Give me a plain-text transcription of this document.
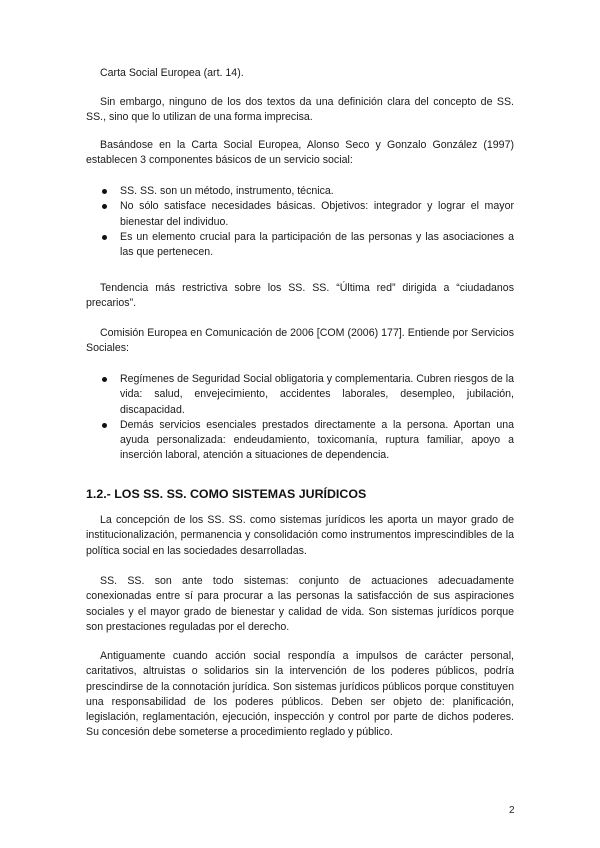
Carta Social Europea (art. 14).

Sin embargo, ninguno de los dos textos da una definición clara del concepto de SS. SS., sino que lo utilizan de una forma imprecisa.

Basándose en la Carta Social Europea, Alonso Seco y Gonzalo González (1997) establecen 3 componentes básicos de un servicio social:

SS. SS. son un método, instrumento, técnica.
No sólo satisface necesidades básicas. Objetivos: integrador y lograr el mayor bienestar del individuo.
Es un elemento crucial para la participación de las personas y las asociaciones a las que pertenecen.

Tendencia más restrictiva sobre los SS. SS. “Última red” dirigida a “ciudadanos precarios”.

Comisión Europea en Comunicación de 2006 [COM (2006) 177]. Entiende por Servicios Sociales:

Regímenes de Seguridad Social obligatoria y complementaria. Cubren riesgos de la vida: salud, envejecimiento, accidentes laborales, desempleo, jubilación, discapacidad.
Demás servicios esenciales prestados directamente a la persona. Aportan una ayuda personalizada: endeudamiento, toxicomanía, ruptura familiar, apoyo a inserción laboral, atención a situaciones de dependencia.
1.2.- LOS SS. SS. COMO SISTEMAS JURÍDICOS

La concepción de los SS. SS. como sistemas jurídicos les aporta un mayor grado de institucionalización, permanencia y consolidación como instrumentos imprescindibles de la política social en las sociedades desarrolladas.

SS. SS. son ante todo sistemas: conjunto de actuaciones adecuadamente conexionadas entre sí para procurar a las personas la satisfacción de sus aspiraciones sociales y el mayor grado de bienestar y calidad de vida. Son sistemas jurídicos porque son prestaciones reguladas por el derecho.

Antiguamente cuando acción social respondía a impulsos de carácter personal, caritativos, altruistas o solidarios sin la intervención de los poderes públicos, podría prescindirse de la connotación jurídica. Son sistemas jurídicos públicos porque constituyen una responsabilidad de los poderes públicos. Deben ser objeto de: planificación, legislación, reglamentación, ejecución, inspección y control por parte de dichos poderes. Su concesión debe someterse a procedimiento reglado y público.

2
